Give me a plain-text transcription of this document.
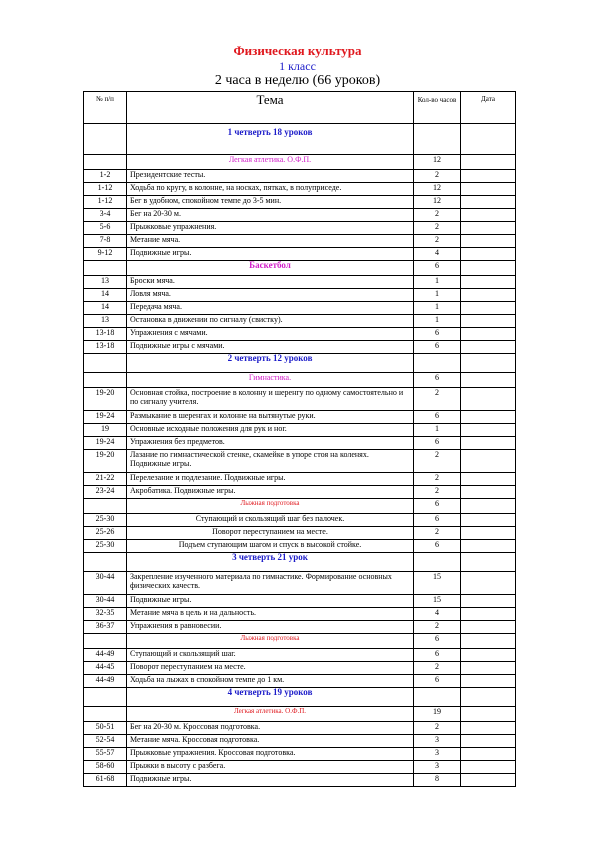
Физическая культура
1 класс
2 часа в неделю (66 уроков)
№ п/п	Тема	Кол-во часов	Дата
	1 четверть 18 уроков		
	Легкая атлетика. О.Ф.П.	12	
1-2	Президентские тесты.	2	
1-12	Ходьба по кругу, в колонне, на носках, пятках, в полуприседе.	12	
1-12	Бег в удобном, спокойном темпе до 3-5 мин.	12	
3-4	Бег на 20-30 м.	2	
5-6	Прыжковые упражнения.	2	
7-8	Метание мяча.	2	
9-12	Подвижные игры.	4	
	Баскетбол	6	
13	Броски мяча.	1	
14	Ловля мяча.	1	
14	Передача мяча.	1	
13	Остановка в движении по сигналу (свистку).	1	
13-18	Упражнения с мячами.	6	
13-18	Подвижные игры с мячами.	6	
	2 четверть 12 уроков		
	Гимнастика.	6	
19-20	Основная стойка, построение в колонну и шеренгу по одному самостоятельно и по сигналу учителя.	2	
19-24	Размыкание в шеренгах и колонне на вытянутые руки.	6	
19	Основные исходные положения для рук и ног.	1	
19-24	Упражнения без предметов.	6	
19-20	Лазание по гимнастической стенке, скамейке в упоре стоя на коленях. Подвижные игры.	2	
21-22	Перелезание и подлезание. Подвижные игры.	2	
23-24	Акробатика. Подвижные игры.	2	
	Лыжная подготовка	6	
25-30	Ступающий и скользящий шаг без палочек.	6	
25-26	Поворот переступанием на месте.	2	
25-30	Подъем ступающим шагом и спуск в высокой стойке.	6	
	3 четверть 21 урок		
30-44	Закрепление изученного материала по гимнастике. Формирование основных физических качеств.	15	
30-44	Подвижные игры.	15	
32-35	Метание мяча в цель и на дальность.	4	
36-37	Упражнения в равновесии.	2	
	Лыжная подготовка	6	
44-49	Ступающий и скользящий шаг.	6	
44-45	Поворот переступанием на месте.	2	
44-49	Ходьба на лыжах в спокойном темпе до 1 км.	6	
	4 четверть 19 уроков		
	Легкая атлетика. О.Ф.П.	19	
50-51	Бег на 20-30 м. Кроссовая подготовка.	2	
52-54	Метание мяча. Кроссовая подготовка.	3	
55-57	Прыжковые упражнения. Кроссовая подготовка.	3	
58-60	Прыжки в высоту с разбега.	3	
61-68	Подвижные игры.	8	
